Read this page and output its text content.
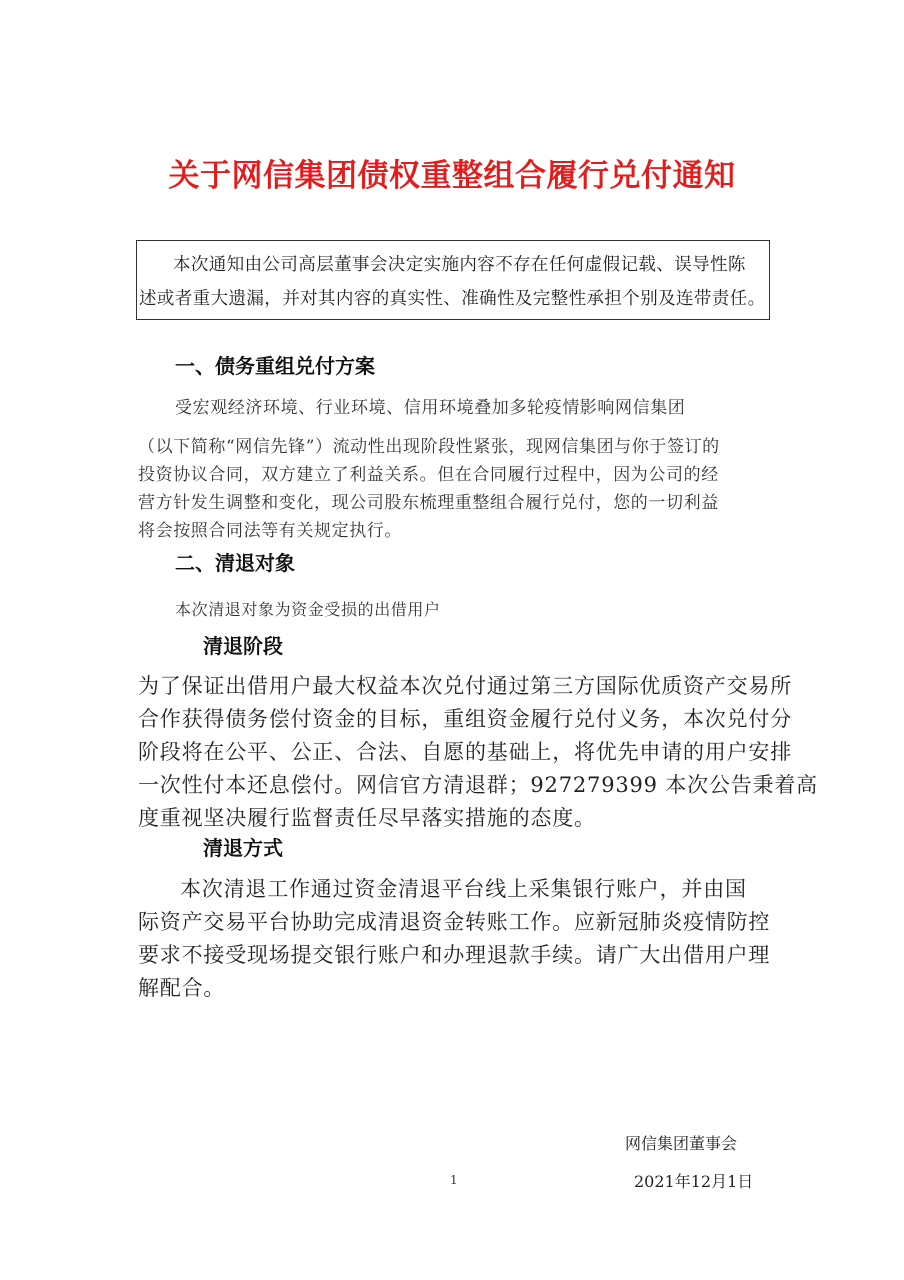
关于网信集团债权重整组合履行兑付通知
本次通知由公司高层董事会决定实施内容不存在任何虚假记载、误导性陈
述或者重大遗漏，并对其内容的真实性、准确性及完整性承担个别及连带责任。
一、债务重组兑付方案
受宏观经济环境、行业环境、信用环境叠加多轮疫情影响网信集团
（以下简称“网信先锋”）流动性出现阶段性紧张，现网信集团与你于签订的
投资协议合同，双方建立了利益关系。但在合同履行过程中，因为公司的经
营方针发生调整和变化，现公司股东梳理重整组合履行兑付，您的一切利益
将会按照合同法等有关规定执行。
二、清退对象
本次清退对象为资金受损的出借用户
清退阶段
为了保证出借用户最大权益本次兑付通过第三方国际优质资产交易所
合作获得债务偿付资金的目标，重组资金履行兑付义务，本次兑付分
阶段将在公平、公正、合法、自愿的基础上，将优先申请的用户安排
一次性付本还息偿付。网信官方清退群；927279399 本次公告秉着高
度重视坚决履行监督责任尽早落实措施的态度。
清退方式
本次清退工作通过资金清退平台线上采集银行账户，并由国
际资产交易平台协助完成清退资金转账工作。应新冠肺炎疫情防控
要求不接受现场提交银行账户和办理退款手续。请广大出借用户理
解配合。
网信集团董事会
1	2021年12月1日
